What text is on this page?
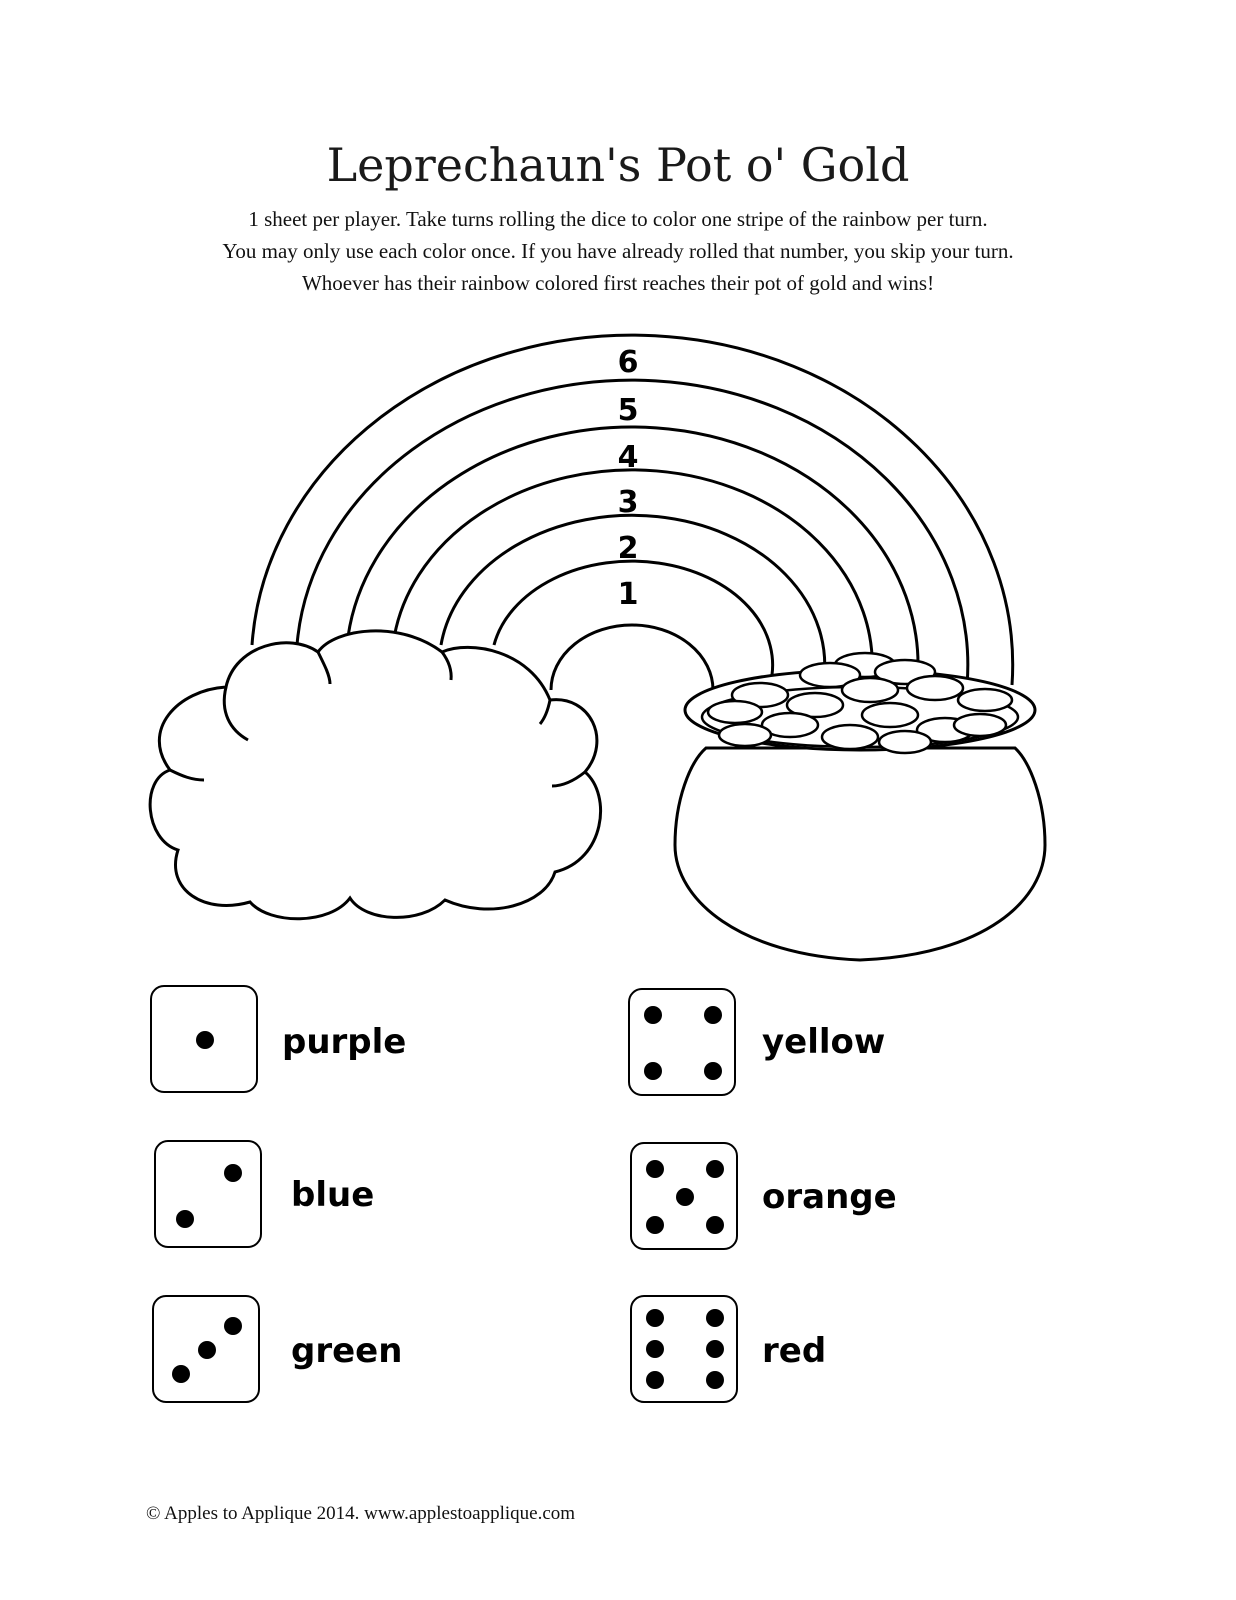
Leprechaun's Pot o' Gold
1 sheet per player. Take turns rolling the dice to color one stripe of the rainbow per turn.
You may only use each color once. If you have already rolled that number, you skip your turn.
Whoever has their rainbow colored first reaches their pot of gold and wins!
6
5
4
3
2
1
purple
blue
green
yellow
orange
red
© Apples to Applique 2014. www.applestoapplique.com
